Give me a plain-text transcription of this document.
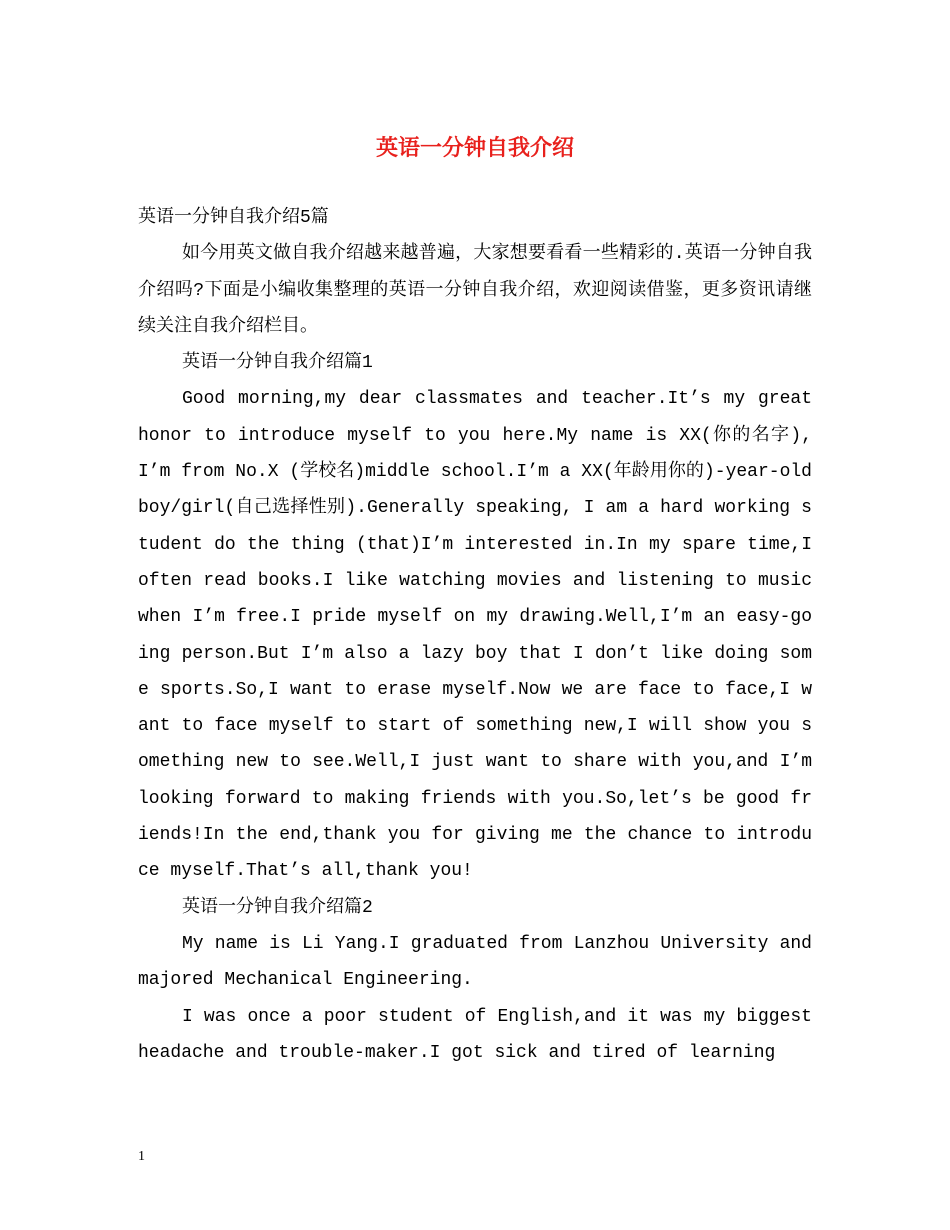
英语一分钟自我介绍

英语一分钟自我介绍5篇

如今用英文做自我介绍越来越普遍，大家想要看看一些精彩的.英语一分钟自我介绍吗?下面是小编收集整理的英语一分钟自我介绍，欢迎阅读借鉴，更多资讯请继续关注自我介绍栏目。

英语一分钟自我介绍篇1

Good morning,my dear classmates and teacher.It’s my great honor to introduce myself to you here.My name is XX(你的名字),I’m from No.X (学校名)middle school.I’m a XX(年龄用你的)-year-old boy/girl(自己选择性别).Generally speaking, I am a hard working student do the thing (that)I’m interested in.In my spare time,I often read books.I like watching movies and listening to music when I’m free.I pride myself on my drawing.Well,I’m an easy-going person.But I’m also a lazy boy that I don’t like doing some sports.So,I want to erase myself.Now we are face to face,I want to face myself to start of something new,I will show you something new to see.Well,I just want to share with you,and I’m looking forward to making friends with you.So,let’s be good friends!In the end,thank you for giving me the chance to introduce myself.That’s all,thank you!

英语一分钟自我介绍篇2

My name is Li Yang.I graduated from Lanzhou University and majored Mechanical Engineering.

I was once a poor student of English,and it was my biggest headache and trouble-maker.I got sick and tired of learning

1
